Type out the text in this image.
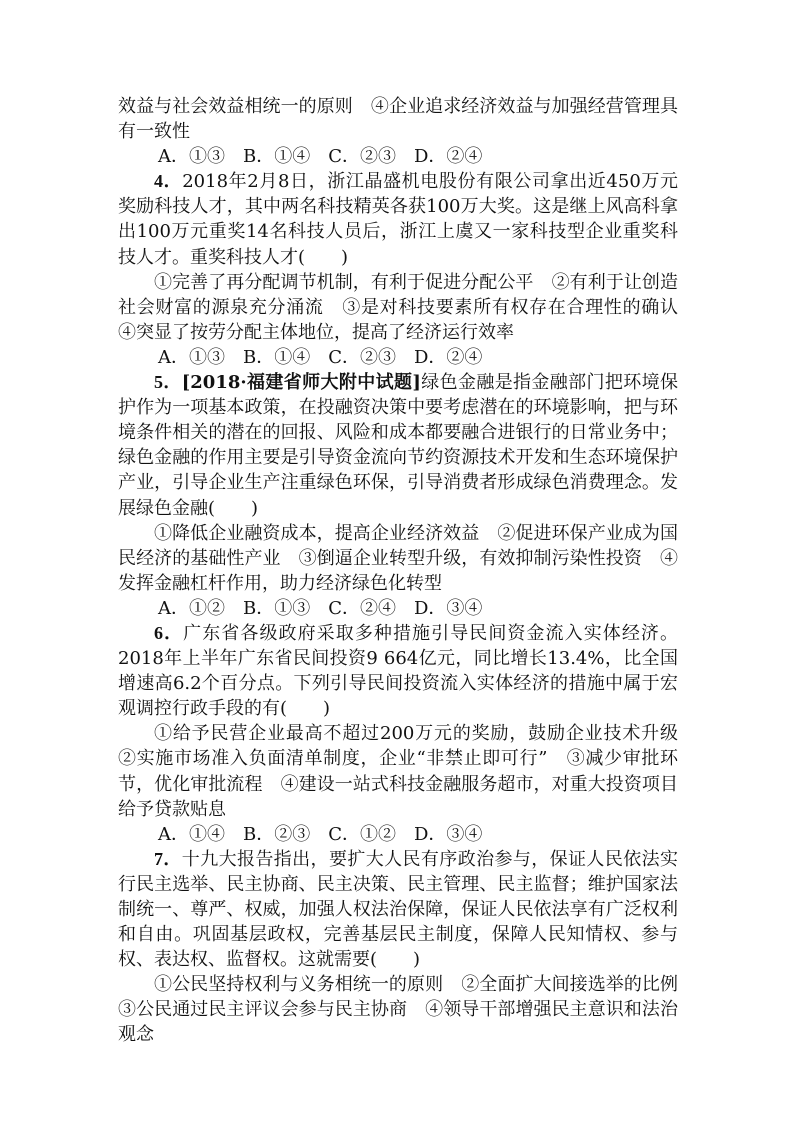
效益与社会效益相统一的原则　④企业追求经济效益与加强经营管理具有一致性

A．①③　B．①④　C．②③　D．②④

4．2018年2月8日，浙江晶盛机电股份有限公司拿出近450万元奖励科技人才，其中两名科技精英各获100万大奖。这是继上风高科拿出100万元重奖14名科技人员后，浙江上虞又一家科技型企业重奖科技人才。重奖科技人才(　　)

①完善了再分配调节机制，有利于促进分配公平　②有利于让创造社会财富的源泉充分涌流　③是对科技要素所有权存在合理性的确认　④突显了按劳分配主体地位，提高了经济运行效率

A．①③　B．①④　C．②③　D．②④

5．[2018·福建省师大附中试题]绿色金融是指金融部门把环境保护作为一项基本政策，在投融资决策中要考虑潜在的环境影响，把与环境条件相关的潜在的回报、风险和成本都要融合进银行的日常业务中；绿色金融的作用主要是引导资金流向节约资源技术开发和生态环境保护产业，引导企业生产注重绿色环保，引导消费者形成绿色消费理念。发展绿色金融(　　)

①降低企业融资成本，提高企业经济效益　②促进环保产业成为国民经济的基础性产业　③倒逼企业转型升级，有效抑制污染性投资　④发挥金融杠杆作用，助力经济绿色化转型

A．①②　B．①③　C．②④　D．③④

6．广东省各级政府采取多种措施引导民间资金流入实体经济。2018年上半年广东省民间投资9 664亿元，同比增长13.4%，比全国增速高6.2个百分点。下列引导民间投资流入实体经济的措施中属于宏观调控行政手段的有(　　)

①给予民营企业最高不超过200万元的奖励，鼓励企业技术升级　②实施市场准入负面清单制度，企业“非禁止即可行”　③减少审批环节，优化审批流程　④建设一站式科技金融服务超市，对重大投资项目给予贷款贴息

A．①④　B．②③　C．①②　D．③④

7．十九大报告指出，要扩大人民有序政治参与，保证人民依法实行民主选举、民主协商、民主决策、民主管理、民主监督；维护国家法制统一、尊严、权威，加强人权法治保障，保证人民依法享有广泛权利和自由。巩固基层政权，完善基层民主制度，保障人民知情权、参与权、表达权、监督权。这就需要(　　)

①公民坚持权利与义务相统一的原则　②全面扩大间接选举的比例　③公民通过民主评议会参与民主协商　④领导干部增强民主意识和法治观念
